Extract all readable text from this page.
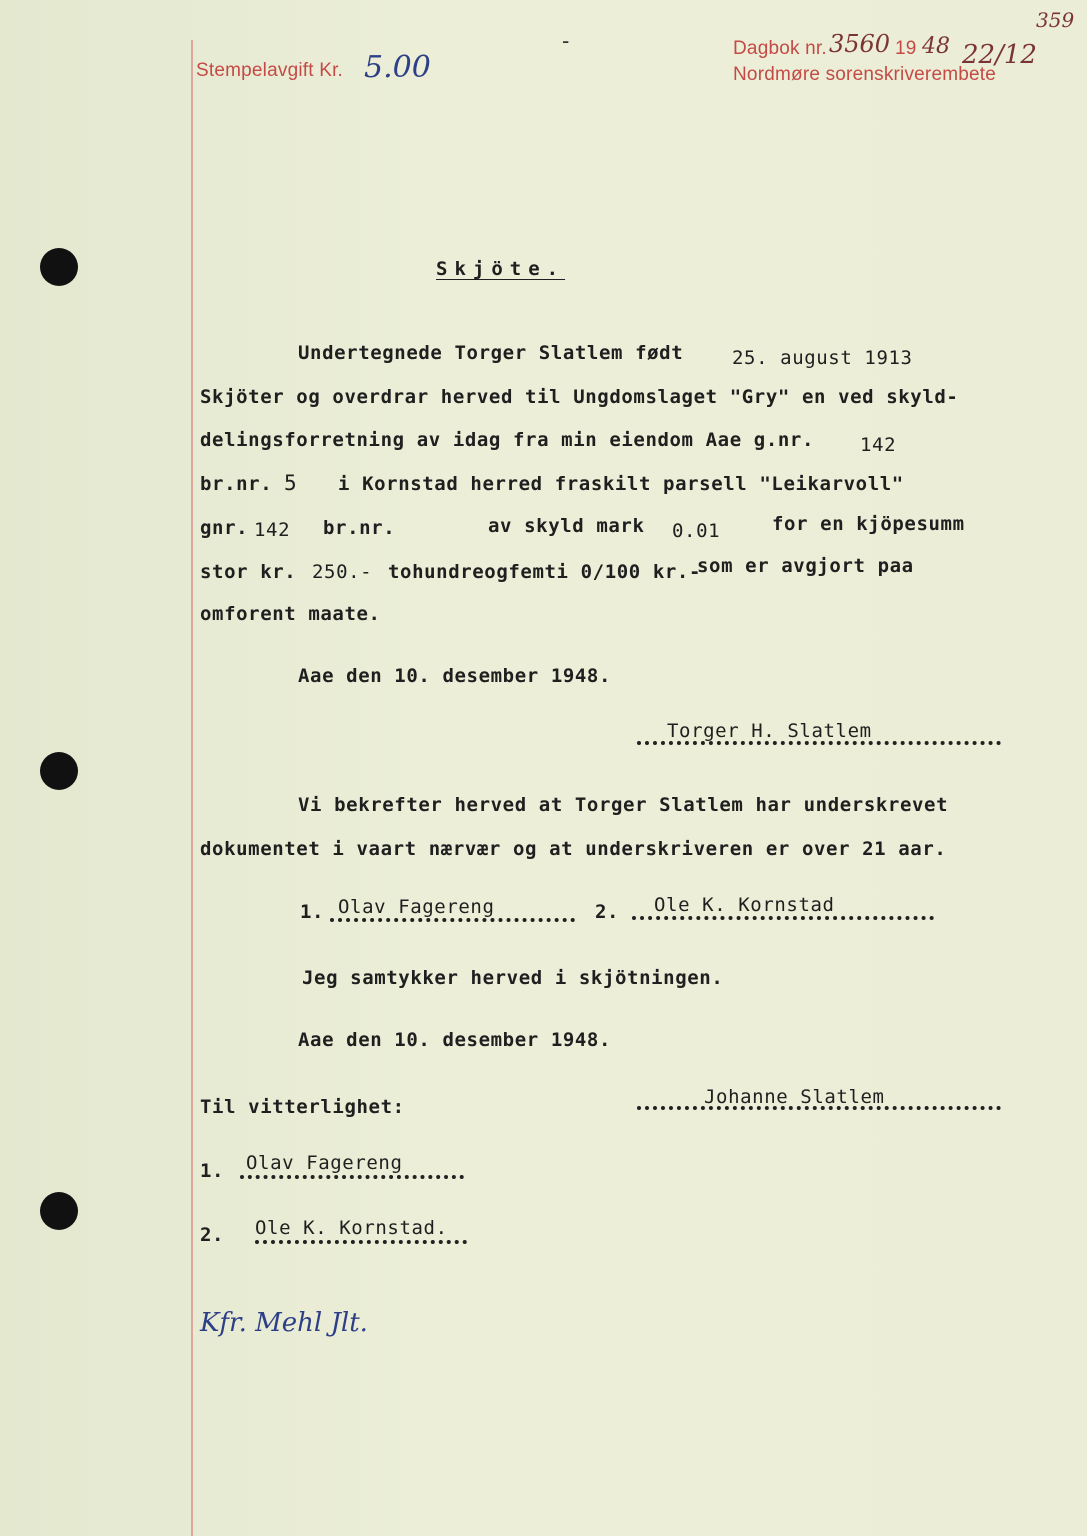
Stempelavgift Kr. 5.00
-	Dagbok nr. 3560 19 48 22/12
359
Nordmøre sorenskriverembete
Skjöte.
Undertegnede Torger Slatlem født	25. august 1913
Skjöter og overdrar herved til Ungdomslaget "Gry" en ved skyld-
delingsforretning av idag fra min eiendom Aae g.nr. 142
br.nr. 5 i Kornstad herred fraskilt parsell "Leikarvoll"
gnr. 142 br.nr.	av skyld mark 0.01	for en kjöpesumm
stor kr. 250.- tohundreogfemti 0/100 kr.-
som er avgjort paa
omforent maate.
Aae den 10. desember 1948.
Torger H. Slatlem
Vi bekrefter herved at Torger Slatlem har underskrevet
dokumentet i vaart nærvær og at underskriveren er over 21 aar.
1. Olav Fagereng	2. Ole K. Kornstad
Jeg samtykker herved i skjötningen.
Aae den 10. desember 1948.
Til vitterlighet:	Johanne Slatlem
1. Olav Fagereng
2. Ole K. Kornstad.
Kfr. Mehl Jlt.
